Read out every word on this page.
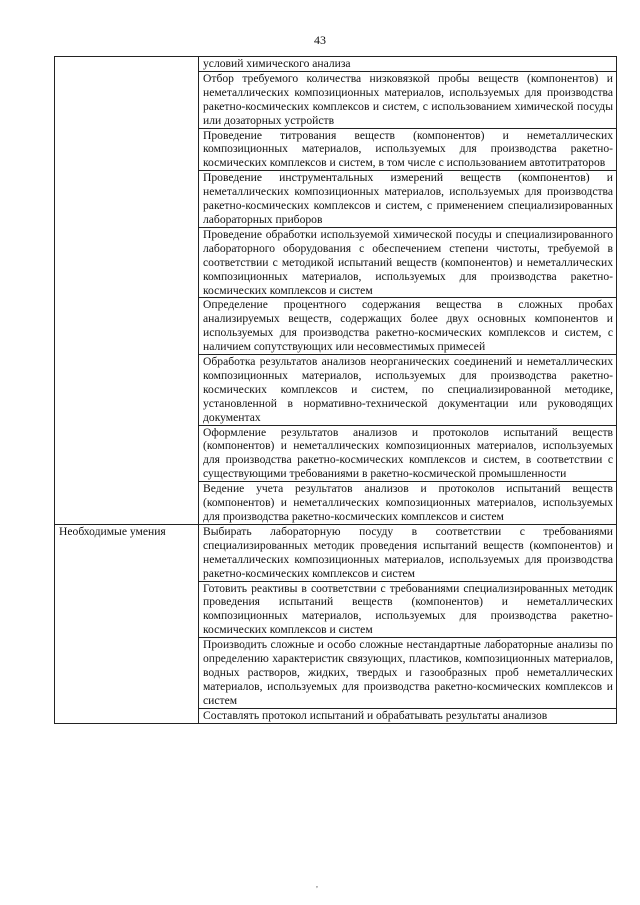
43
	условий химического анализа
	Отбор требуемого количества низковязкой пробы веществ (компонентов) и неметаллических композиционных материалов, используемых для производства ракетно-космических комплексов и систем, с использованием химической посуды или дозаторных устройств
	Проведение титрования веществ (компонентов) и неметаллических композиционных материалов, используемых для производства ракетно-космических комплексов и систем, в том числе с использованием автотитраторов
	Проведение инструментальных измерений веществ (компонентов) и неметаллических композиционных материалов, используемых для производства ракетно-космических комплексов и систем, с применением специализированных лабораторных приборов
	Проведение обработки используемой химической посуды и специализированного лабораторного оборудования с обеспечением степени чистоты, требуемой в соответствии с методикой испытаний веществ (компонентов) и неметаллических композиционных материалов, используемых для производства ракетно-космических комплексов и систем
	Определение процентного содержания вещества в сложных пробах анализируемых веществ, содержащих более двух основных компонентов и используемых для производства ракетно-космических комплексов и систем, с наличием сопутствующих или несовместимых примесей
	Обработка результатов анализов неорганических соединений и неметаллических композиционных материалов, используемых для производства ракетно-космических комплексов и систем, по специализированной методике, установленной в нормативно-технической документации или руководящих документах
	Оформление результатов анализов и протоколов испытаний веществ (компонентов) и неметаллических композиционных материалов, используемых для производства ракетно-космических комплексов и систем, в соответствии с существующими требованиями в ракетно-космической промышленности
	Ведение учета результатов анализов и протоколов испытаний веществ (компонентов) и неметаллических композиционных материалов, используемых для производства ракетно-космических комплексов и систем
Необходимые умения	Выбирать лабораторную посуду в соответствии с требованиями специализированных методик проведения испытаний веществ (компонентов) и неметаллических композиционных материалов, используемых для производства ракетно-космических комплексов и систем
	Готовить реактивы в соответствии с требованиями специализированных методик проведения испытаний веществ (компонентов) и неметаллических композиционных материалов, используемых для производства ракетно-космических комплексов и систем
	Производить сложные и особо сложные нестандартные лабораторные анализы по определению характеристик связующих, пластиков, композиционных материалов, водных растворов, жидких, твердых и газообразных проб неметаллических материалов, используемых для производства ракетно-космических комплексов и систем
	Составлять протокол испытаний и обрабатывать результаты анализов
,
